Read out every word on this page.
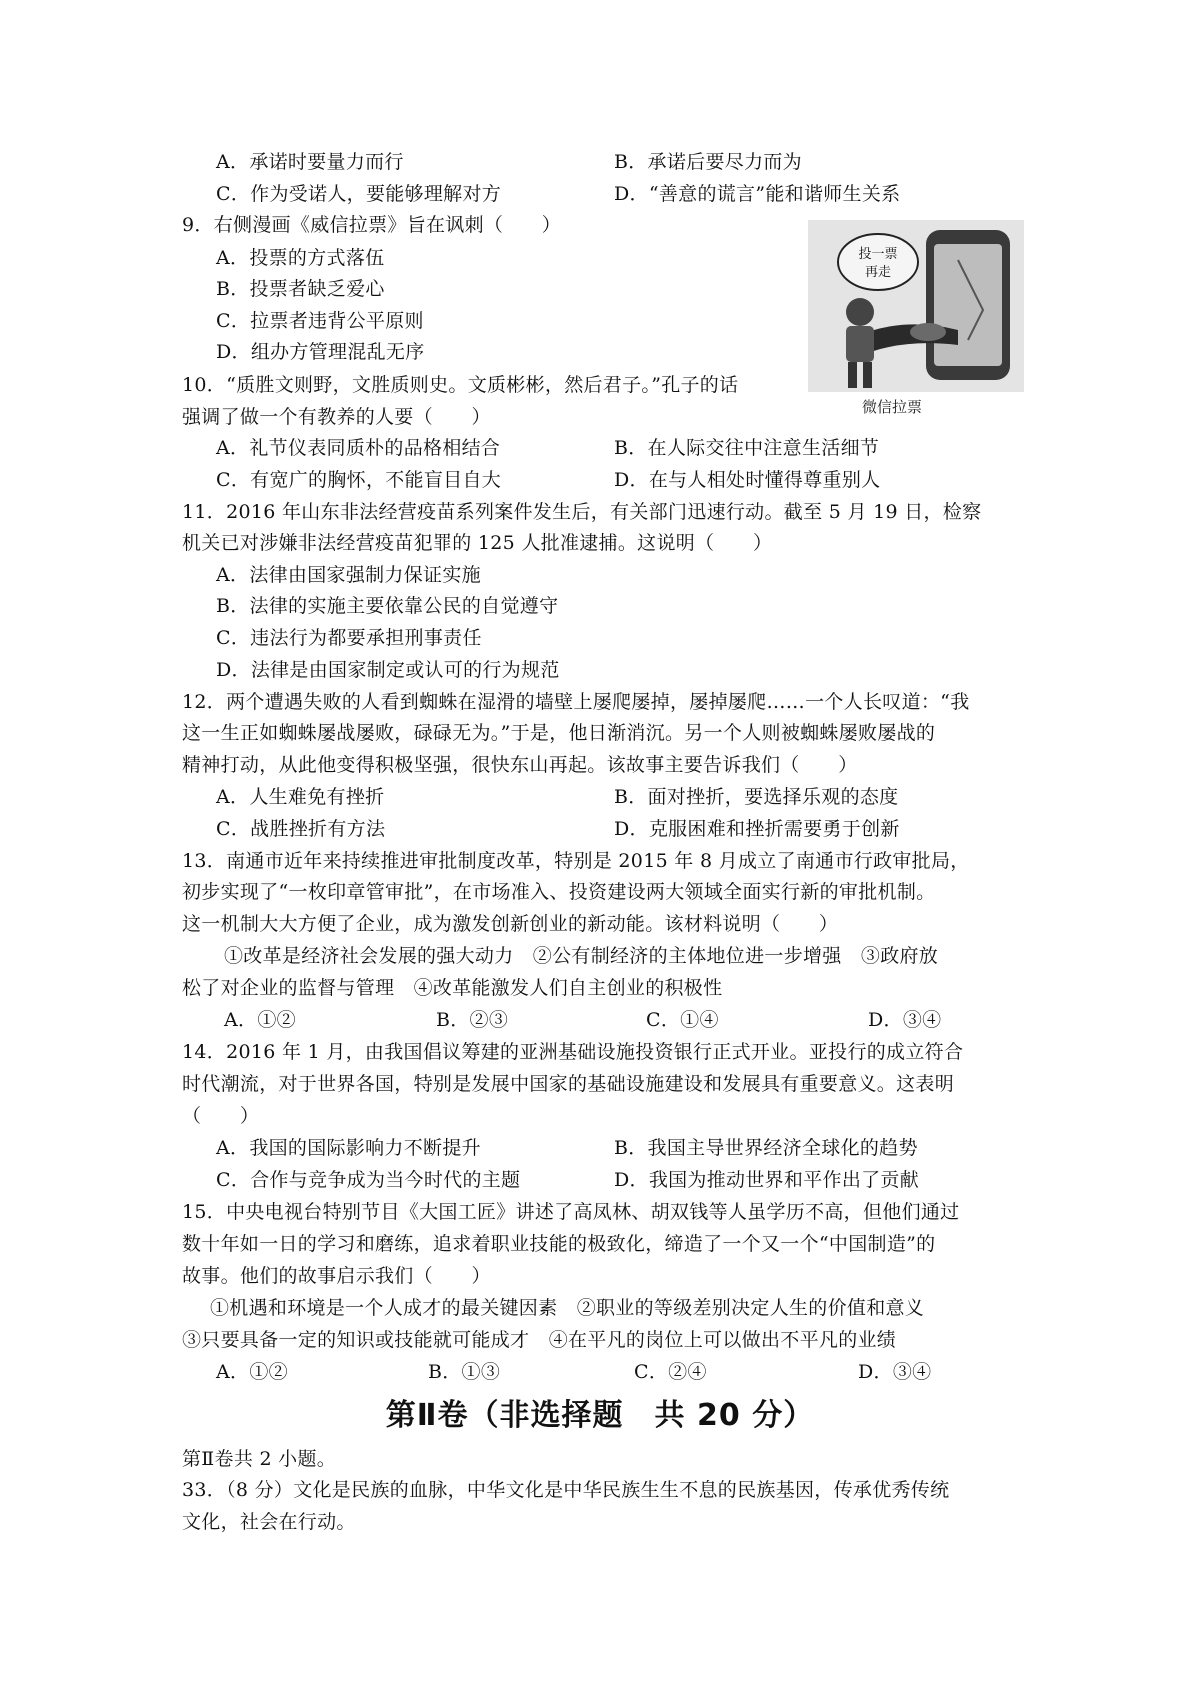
A．承诺时要量力而行	B．承诺后要尽力而为
C．作为受诺人，要能够理解对方	D．“善意的谎言”能和谐师生关系
9．右侧漫画《威信拉票》旨在讽刺（　　）
A．投票的方式落伍
B．投票者缺乏爱心
C．拉票者违背公平原则
D．组办方管理混乱无序
投一票
再走
微信拉票
10．“质胜文则野，文胜质则史。文质彬彬，然后君子。”孔子的话
强调了做一个有教养的人要（　　）
A．礼节仪表同质朴的品格相结合	B．在人际交往中注意生活细节
C．有宽广的胸怀，不能盲目自大	D．在与人相处时懂得尊重别人
11．2016 年山东非法经营疫苗系列案件发生后，有关部门迅速行动。截至 5 月 19 日，检察
机关已对涉嫌非法经营疫苗犯罪的 125 人批准逮捕。这说明（　　）
A．法律由国家强制力保证实施
B．法律的实施主要依靠公民的自觉遵守
C．违法行为都要承担刑事责任
D．法律是由国家制定或认可的行为规范
12．两个遭遇失败的人看到蜘蛛在湿滑的墙壁上屡爬屡掉，屡掉屡爬……一个人长叹道：“我
这一生正如蜘蛛屡战屡败，碌碌无为。”于是，他日渐消沉。另一个人则被蜘蛛屡败屡战的
精神打动，从此他变得积极坚强，很快东山再起。该故事主要告诉我们（　　）
A．人生难免有挫折	B．面对挫折，要选择乐观的态度
C．战胜挫折有方法	D．克服困难和挫折需要勇于创新
13．南通市近年来持续推进审批制度改革，特别是 2015 年 8 月成立了南通市行政审批局，
初步实现了“一枚印章管审批”，在市场准入、投资建设两大领域全面实行新的审批机制。
这一机制大大方便了企业，成为激发创新创业的新动能。该材料说明（　　）
①改革是经济社会发展的强大动力　②公有制经济的主体地位进一步增强　③政府放
松了对企业的监督与管理　④改革能激发人们自主创业的积极性
A．①②	B．②③	C．①④	D．③④
14．2016 年 1 月，由我国倡议筹建的亚洲基础设施投资银行正式开业。亚投行的成立符合
时代潮流，对于世界各国，特别是发展中国家的基础设施建设和发展具有重要意义。这表明
（　　）
A．我国的国际影响力不断提升	B．我国主导世界经济全球化的趋势
C．合作与竞争成为当今时代的主题	D．我国为推动世界和平作出了贡献
15．中央电视台特别节目《大国工匠》讲述了高凤林、胡双钱等人虽学历不高，但他们通过
数十年如一日的学习和磨练，追求着职业技能的极致化，缔造了一个又一个“中国制造”的
故事。他们的故事启示我们（　　）
①机遇和环境是一个人成才的最关键因素　②职业的等级差别决定人生的价值和意义
③只要具备一定的知识或技能就可能成才　④在平凡的岗位上可以做出不平凡的业绩
A．①②	B．①③	C．②④	D．③④
第Ⅱ卷（非选择题　共 20 分）
第Ⅱ卷共 2 小题。
33．（8 分）文化是民族的血脉，中华文化是中华民族生生不息的民族基因，传承优秀传统
文化，社会在行动。
